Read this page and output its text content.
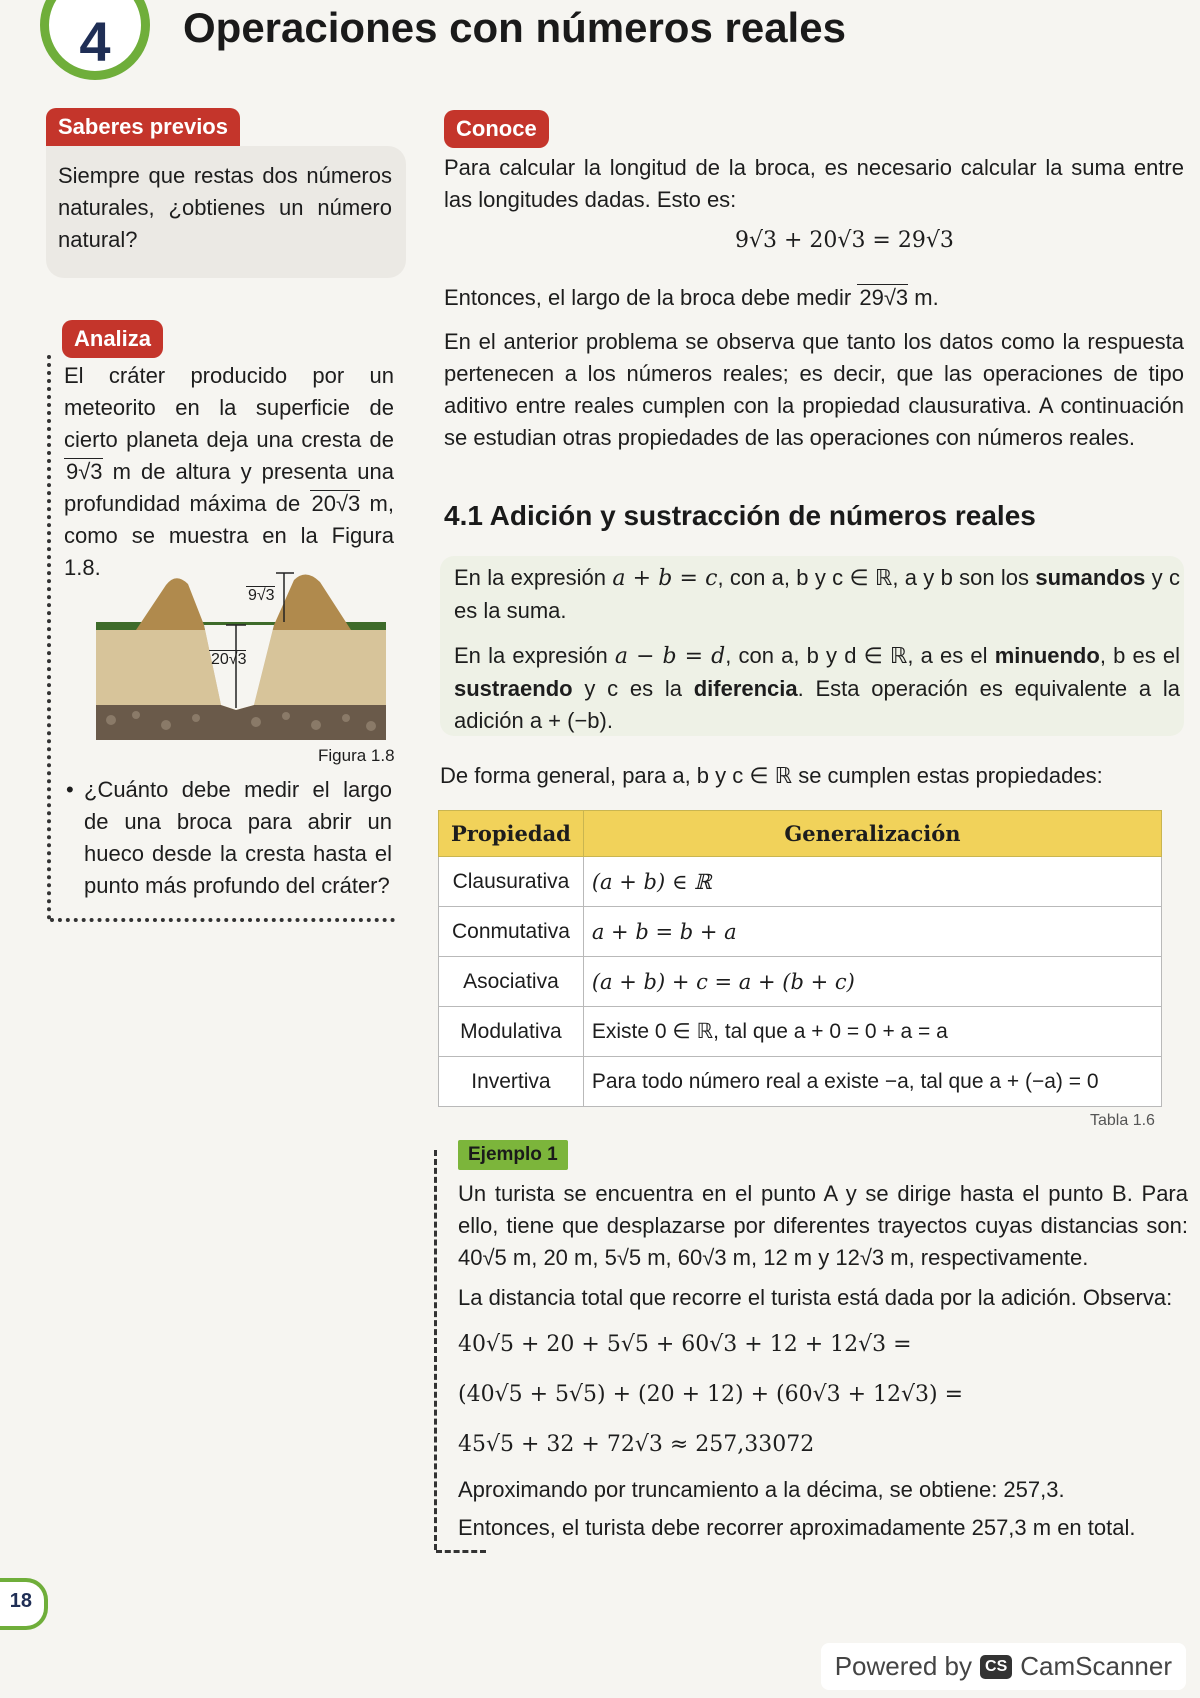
4	Operaciones con números reales
Saberes previos
Siempre que restas dos números naturales, ¿obtienes un número natural?
Analiza
El cráter producido por un meteorito en la superficie de cierto planeta deja una cresta de 9√3 m de altura y presenta una profundidad máxima de 20√3 m, como se muestra en la Figura 1.8.
9√3
20√3
Figura 1.8
• ¿Cuánto debe medir el largo de una broca para abrir un hueco desde la cresta hasta el punto más profundo del cráter?
Conoce
Para calcular la longitud de la broca, es necesario calcular la suma entre las longitudes dadas. Esto es:
9√3 + 20√3 = 29√3
Entonces, el largo de la broca debe medir 29√3 m.
En el anterior problema se observa que tanto los datos como la respuesta pertenecen a los números reales; es decir, que las operaciones de tipo aditivo entre reales cumplen con la propiedad clausurativa. A continuación se estudian otras propiedades de las operaciones con números reales.
4.1 Adición y sustracción de números reales
En la expresión a + b = c, con a, b y c ∈ ℝ, a y b son los sumandos y c es la suma.
En la expresión a − b = d, con a, b y d ∈ ℝ, a es el minuendo, b es el sustraendo y c es la diferencia. Esta operación es equivalente a la adición a + (−b).
De forma general, para a, b y c ∈ ℝ se cumplen estas propiedades:
Propiedad	Generalización
Clausurativa	(a + b) ∈ ℝ
Conmutativa	a + b = b + a
Asociativa	(a + b) + c = a + (b + c)
Modulativa	Existe 0 ∈ ℝ, tal que a + 0 = 0 + a = a
Invertiva	Para todo número real a existe −a, tal que a + (−a) = 0
Tabla 1.6
Ejemplo 1
Un turista se encuentra en el punto A y se dirige hasta el punto B. Para ello, tiene que desplazarse por diferentes trayectos cuyas distancias son: 40√5 m, 20 m, 5√5 m, 60√3 m, 12 m y 12√3 m, respectivamente.
La distancia total que recorre el turista está dada por la adición. Observa:
40√5 + 20 + 5√5 + 60√3 + 12 + 12√3 =
(40√5 + 5√5) + (20 + 12) + (60√3 + 12√3) =
45√5 + 32 + 72√3 ≈ 257,33072
Aproximando por truncamiento a la décima, se obtiene: 257,3.
Entonces, el turista debe recorrer aproximadamente 257,3 m en total.
18
Powered by CS CamScanner
